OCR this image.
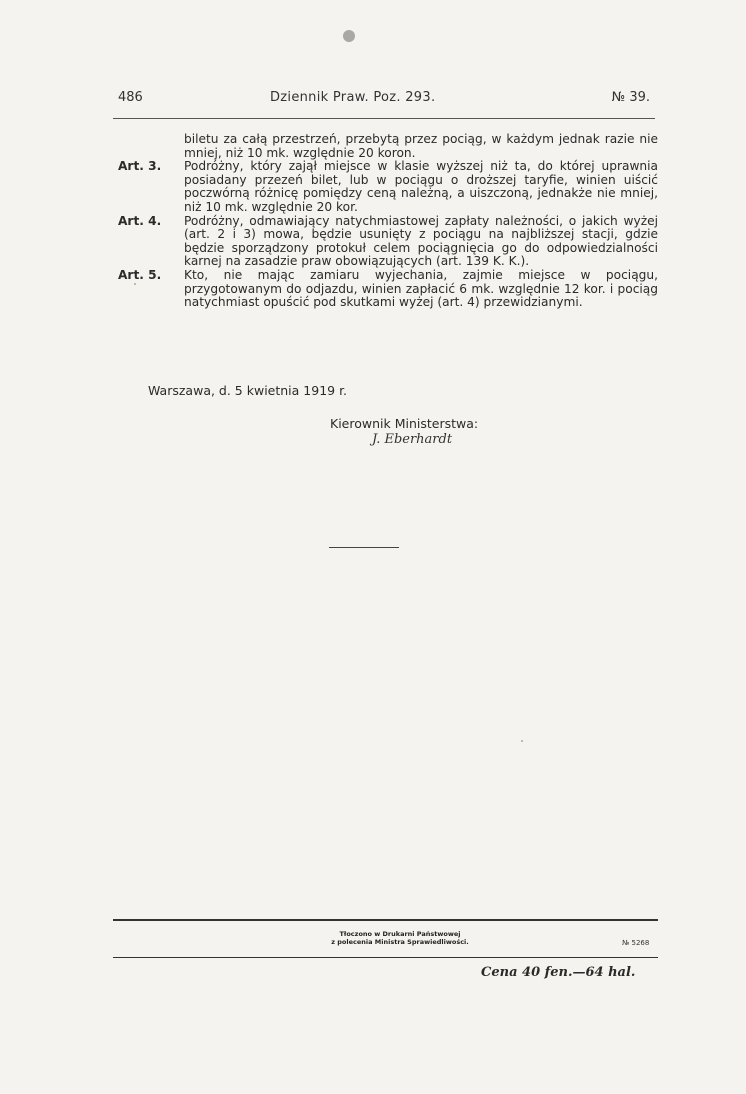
486	Dziennik Praw. Poz. 293.	№ 39.

biletu za całą przestrzeń, przebytą przez pociąg, w każdym jednak razie nie mniej, niż 10 mk. względnie 20 koron.

Art. 3.	Podróżny, który zajął miejsce w klasie wyższej niż ta, do której uprawnia posiadany przezeń bilet, lub w pociągu o droższej taryfie, winien uiścić poczwórną różnicę pomiędzy ceną należną, a uiszczoną, jednakże nie mniej, niż 10 mk. względnie 20 kor.

Art. 4.	Podróżny, odmawiający natychmiastowej zapłaty należności, o jakich wyżej (art. 2 i 3) mowa, będzie usunięty z pociągu na najbliższej stacji, gdzie będzie sporządzony protokuł celem pociągnięcia go do odpowiedzialności karnej na zasadzie praw obowiązujących (art. 139 K. K.).

Art. 5.	Kto, nie mając zamiaru wyjechania, zajmie miejsce w pociągu, przygotowanym do odjazdu, winien zapłacić 6 mk. względnie 12 kor. i pociąg natychmiast opuścić pod skutkami wyżej (art. 4) przewidzianymi.

Warszawa, d. 5 kwietnia 1919 r.
Kierownik Ministerstwa:
J. Eberhardt
Tłoczono w Drukarni Państwowej
z polecenia Ministra Sprawiedliwości.	№ 5268
Cena 40 fen.—64 hal.
